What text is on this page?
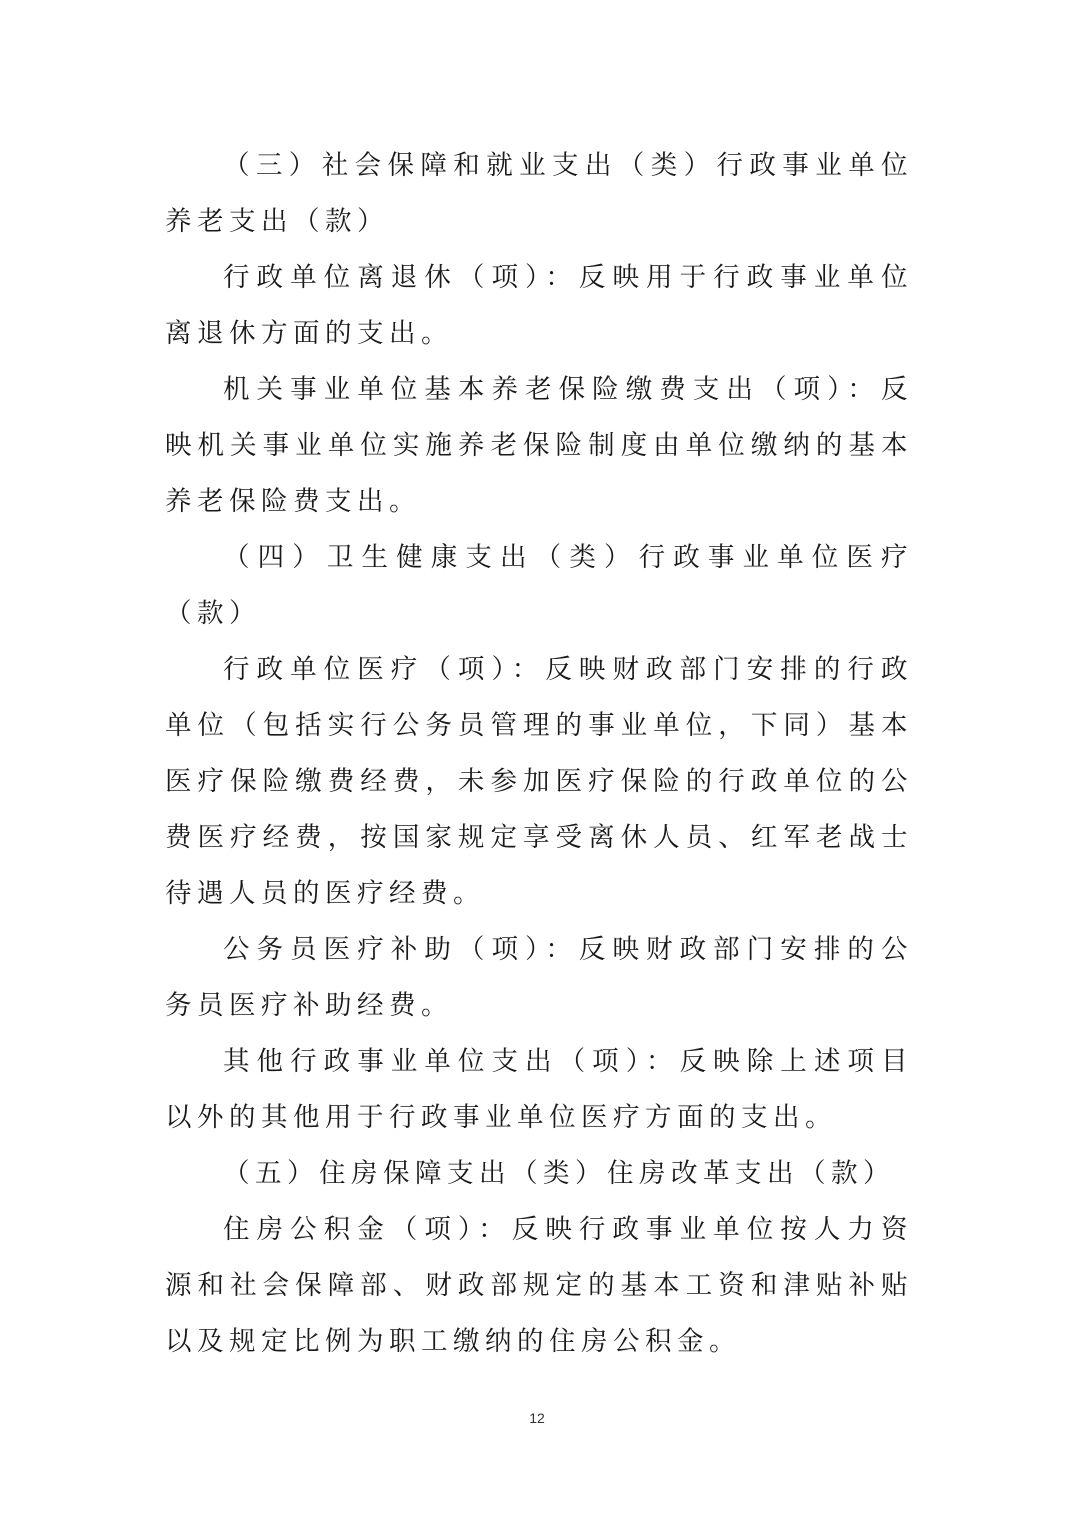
（三）社会保障和就业支出（类）行政事业单位养老支出（款）

行政单位离退休（项）：反映用于行政事业单位离退休方面的支出。

机关事业单位基本养老保险缴费支出（项）：反映机关事业单位实施养老保险制度由单位缴纳的基本养老保险费支出。

（四）卫生健康支出（类）行政事业单位医疗（款）

行政单位医疗（项）：反映财政部门安排的行政单位（包括实行公务员管理的事业单位，下同）基本医疗保险缴费经费，未参加医疗保险的行政单位的公费医疗经费，按国家规定享受离休人员、红军老战士待遇人员的医疗经费。

公务员医疗补助（项）：反映财政部门安排的公务员医疗补助经费。

其他行政事业单位支出（项）：反映除上述项目以外的其他用于行政事业单位医疗方面的支出。

（五）住房保障支出（类）住房改革支出（款）

住房公积金（项）：反映行政事业单位按人力资源和社会保障部、财政部规定的基本工资和津贴补贴以及规定比例为职工缴纳的住房公积金。

12
